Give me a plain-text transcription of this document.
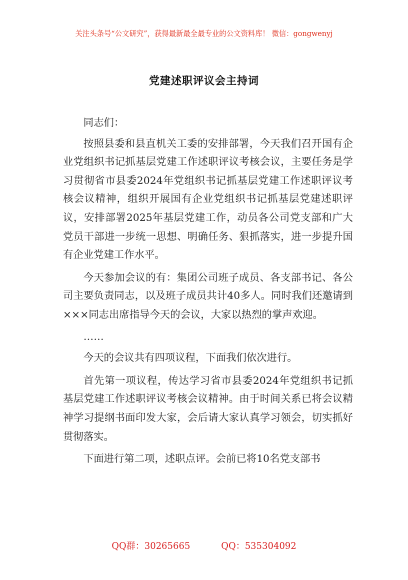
关注头条号“公文研究”，获得最新最全最专业的公文资料库！ 微信：gongwenyj
党建述职评议会主持词

同志们：

按照县委和县直机关工委的安排部署，今天我们召开国有企业党组织书记抓基层党建工作述职评议考核会议，主要任务是学习贯彻省市县委2024年党组织书记抓基层党建工作述职评议考核会议精神，组织开展国有企业党组织书记抓基层党建述职评议，安排部署2025年基层党建工作，动员各公司党支部和广大党员干部进一步统一思想、明确任务、狠抓落实，进一步提升国有企业党建工作水平。

今天参加会议的有：集团公司班子成员、各支部书记、各公司主要负责同志，以及班子成员共计40多人。同时我们还邀请到×××同志出席指导今天的会议，大家以热烈的掌声欢迎。

……

今天的会议共有四项议程，下面我们依次进行。

首先第一项议程，传达学习省市县委2024年党组织书记抓基层党建工作述职评议考核会议精神。由于时间关系已将会议精神学习提纲书面印发大家，会后请大家认真学习领会，切实抓好贯彻落实。

下面进行第二项，述职点评。会前已将10名党支部书

QQ群：30265665	QQ：535304092
